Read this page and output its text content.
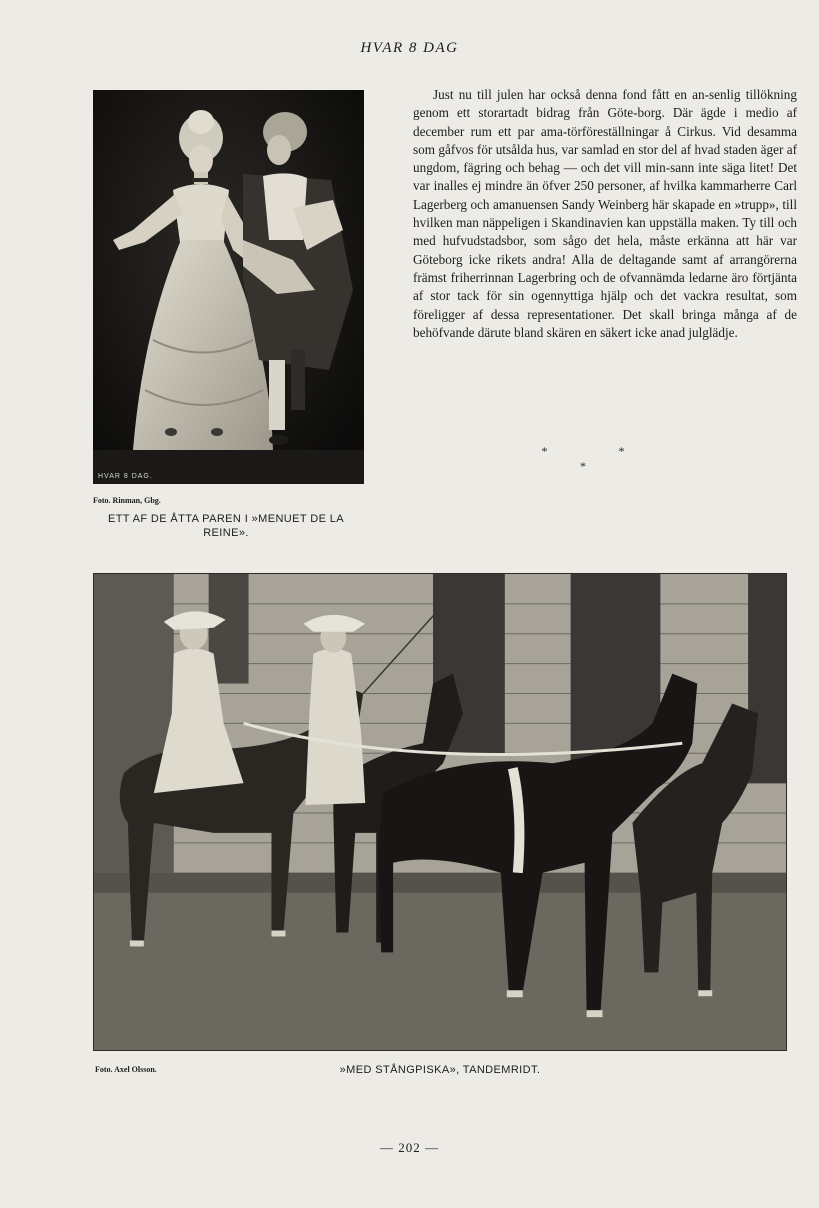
HVAR 8 DAG
HVAR 8 DAG.

Just nu till julen har också denna fond fått en an-senlig tillökning genom ett storartadt bidrag från Göte-borg. Där ägde i medio af december rum ett par ama-törföreställningar å Cirkus. Vid desamma som gåfvos för utsålda hus, var samlad en stor del af hvad staden äger af ungdom, fägring och behag — och det vill min-sann inte säga litet! Det var inalles ej mindre än öfver 250 personer, af hvilka kammarherre Carl Lagerberg och amanuensen Sandy Weinberg här skapade en »trupp», till hvilken man näppeligen i Skandinavien kan uppställa maken. Ty till och med hufvudstadsbor, som sågo det hela, måste erkänna att här var Göteborg icke rikets andra! Alla de deltagande samt af arrangörerna främst friherrinnan Lagerbring och de ofvannämda ledarne äro förtjänta af stor tack för sin ogennyttiga hjälp och det vackra resultat, som föreligger af dessa representationer. Det skall bringa många af de behöfvande därute bland skären en säkert icke anad julglädje.

* * *
Foto. Rinman, Gbg.
ETT AF DE ÅTTA PAREN I »MENUET DE LA REINE».
Foto. Axel Olsson.	»MED STÅNGPISKA», TANDEMRIDT.
— 202 —
